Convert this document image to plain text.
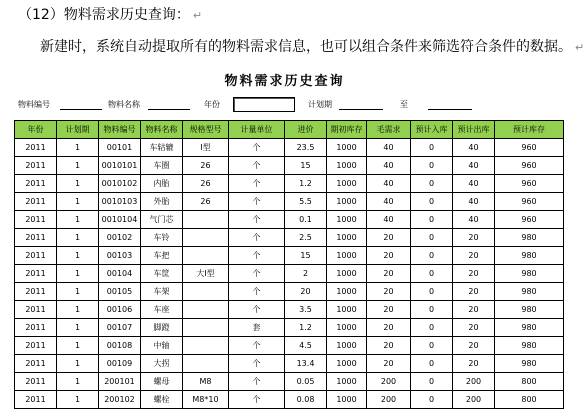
（12）物料需求历史查询： ↵
新建时，系统自动提取所有的物料需求信息，也可以组合条件来筛选符合条件的数据。 ↵
物料需求历史查询
物料编号	物料名称	年份	计划期	至
年份	计划期	物料编号	物料名称	规格型号	计量单位	进价	期初库存	毛需求	预计入库	预计出库	预计库存
2011	1	00101	车轱辘	I型	个	23.5	1000	40	0	40	960
2011	1	0010101	车圈	26	个	15	1000	40	0	40	960
2011	1	0010102	内胎	26	个	1.2	1000	40	0	40	960
2011	1	0010103	外胎	26	个	5.5	1000	40	0	40	960
2011	1	0010104	气门芯		个	0.1	1000	40	0	40	960
2011	1	00102	车铃		个	2.5	1000	20	0	20	980
2011	1	00103	车把		个	15	1000	20	0	20	980
2011	1	00104	车筐	大I型	个	2	1000	20	0	20	980
2011	1	00105	车架		个	20	1000	20	0	20	980
2011	1	00106	车座		个	3.5	1000	20	0	20	980
2011	1	00107	脚蹬		套	1.2	1000	20	0	20	980
2011	1	00108	中轴		个	4.5	1000	20	0	20	980
2011	1	00109	大拐		个	13.4	1000	20	0	20	980
2011	1	200101	螺母	M8	个	0.05	1000	200	0	200	800
2011	1	200102	螺栓	M8*10	个	0.08	1000	200	0	200	800
